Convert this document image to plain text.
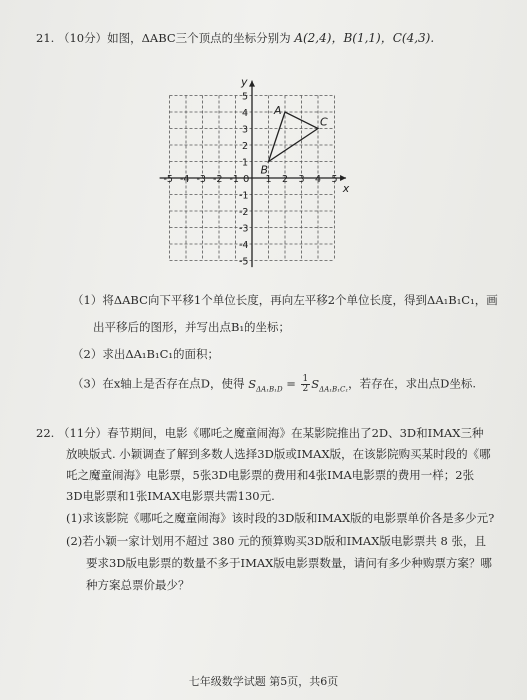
21. （10分）如图，ΔABC三个顶点的坐标分别为 A(2,4)，B(1,1)，C(4,3).
y
x
0
-5 -4 -3 -2 -1	1 2 3 4 5
5
4
3
2
1
-1
-2
-3
-4
-5
A
B
C
（1）将ΔABC向下平移1个单位长度，再向左平移2个单位长度，得到ΔA₁B₁C₁，画
出平移后的图形，并写出点B₁的坐标；
（2）求出ΔA₁B₁C₁的面积；
（3）在x轴上是否存在点D，使得 $S_{\Delta A_1B_1D} = \frac{1}{2} S_{\Delta A_1B_1C_1}$，若存在，求出点D坐标.
22. （11分）春节期间，电影《哪吒之魔童闹海》在某影院推出了2D、3D和IMAX三种
放映版式. 小颖调查了解到多数人选择3D版或IMAX版，在该影院购买某时段的《哪
吒之魔童闹海》电影票，5张3D电影票的费用和4张IMA电影票的费用一样；2张
3D电影票和1张IMAX电影票共需130元.
(1)求该影院《哪吒之魔童闹海》该时段的3D版和IMAX版的电影票单价各是多少元?
(2)若小颖一家计划用不超过 380 元的预算购买3D版和IMAX版电影票共 8 张，且
要求3D版电影票的数量不多于IMAX版电影票数量，请问有多少种购票方案？哪
种方案总票价最少？
七年级数学试题 第5页，共6页
